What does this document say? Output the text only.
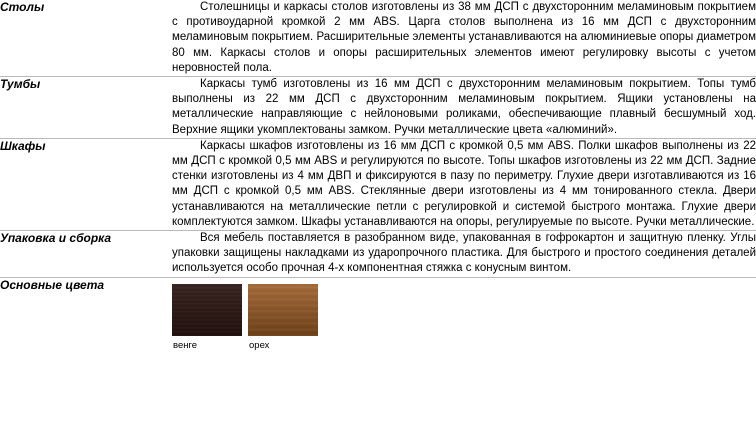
Столы	Столешницы и каркасы столов изготовлены из 38 мм ДСП с двухсторонним меламиновым покрытием с противоударной кромкой 2 мм ABS. Царга столов выполнена из 16 мм ДСП с двухсторонним меламиновым покрытием. Расширительные элементы устанавливаются на алюминиевые опоры диаметром 80 мм. Каркасы столов и опоры расширительных элементов имеют регулировку высоты с учетом неровностей пола.

Тумбы	Каркасы тумб изготовлены из 16 мм ДСП с двухсторонним меламиновым покрытием. Топы тумб выполнены из 22 мм ДСП с двухсторонним меламиновым покрытием. Ящики установлены на металлические направляющие с нейлоновыми роликами, обеспечивающие плавный бесшумный ход. Верхние ящики укомплектованы замком. Ручки металлические цвета «алюминий».

Шкафы	Каркасы шкафов изготовлены из 16 мм ДСП с кромкой 0,5 мм ABS. Полки шкафов выполнены из 22 мм ДСП с кромкой 0,5 мм ABS и регулируются по высоте. Топы шкафов изготовлены из 22 мм ДСП. Задние стенки изготовлены из 4 мм ДВП и фиксируются в пазу по периметру. Глухие двери изготавливаются из 16 мм ДСП с кромкой 0,5 мм ABS. Стеклянные двери изготовлены из 4 мм тонированного стекла. Двери устанавливаются на металлические петли с регулировкой и системой быстрого монтажа. Глухие двери комплектуются замком. Шкафы устанавливаются на опоры, регулируемые по высоте. Ручки металлические.

Упаковка и сборка	Вся мебель поставляется в разобранном виде, упакованная в гофрокартон и защитную пленку. Углы упаковки защищены накладками из ударопрочного пластика. Для быстрого и простого соединения деталей используется особо прочная 4-х компонентная стяжка с конусным винтом.

Основные цвета	венге орех
